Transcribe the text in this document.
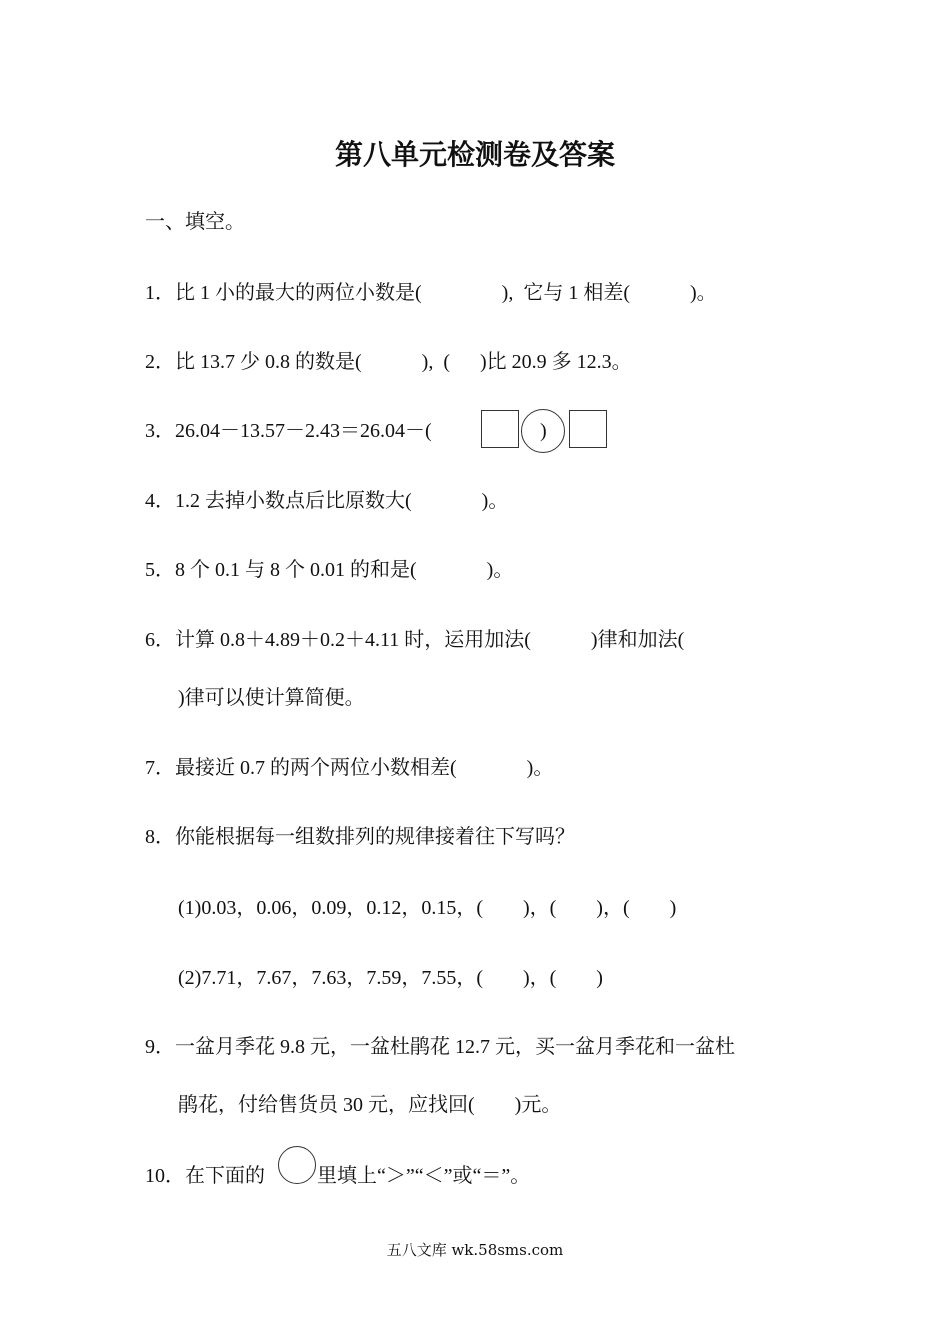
第八单元检测卷及答案
一、填空。
1．比 1 小的最大的两位小数是(                ),  它与 1 相差(            )。
2．比 13.7 少 0.8 的数是(            ),  (      )比 20.9 多 12.3。
3．26.04－13.57－2.43＝26.04－(	)
4．1.2 去掉小数点后比原数大(              )。
5．8 个 0.1 与 8 个 0.01 的和是(              )。
6．计算 0.8＋4.89＋0.2＋4.11 时，运用加法(            )律和加法(
)律可以使计算简便。
7．最接近 0.7 的两个两位小数相差(              )。
8．你能根据每一组数排列的规律接着往下写吗？
(1)0.03，0.06，0.09，0.12，0.15，(        )，(        )，(        )
(2)7.71，7.67，7.63，7.59，7.55，(        )，(        )
9．一盆月季花 9.8 元，一盆杜鹃花 12.7 元，买一盆月季花和一盆杜
鹃花，付给售货员 30 元，应找回(        )元。
10．在下面的	里填上“＞”“＜”或“＝”。
五八文库 wk.58sms.com
